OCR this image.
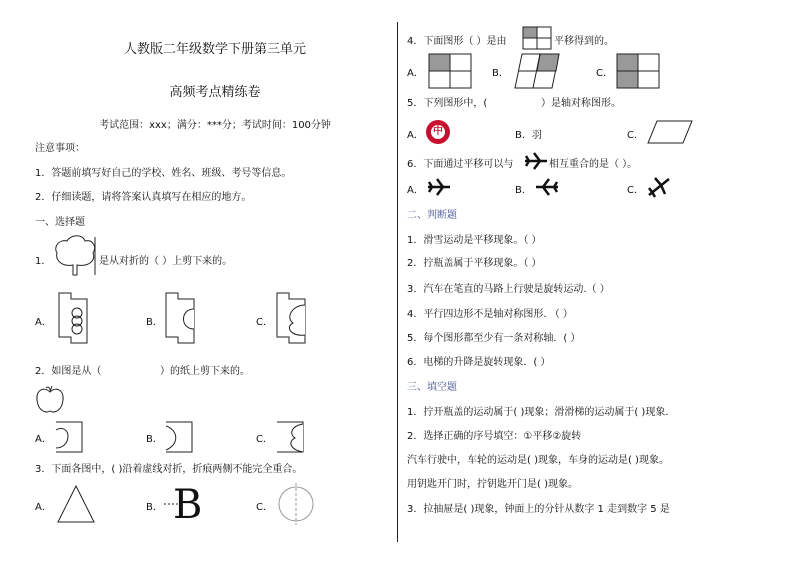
人教版二年级数学下册第三单元
高频考点精练卷
考试范围：xxx；满分：***分；考试时间：100分钟
注意事项：
1．答题前填写好自己的学校、姓名、班级、考号等信息。
2．仔细读题，请将答案认真填写在相应的地方。
一、选择题
1．	是从对折的（ ）上剪下来的。
A．	B．	C．
2．如图是从（	）的纸上剪下来的。
A．	B．	C．
3．下面各图中，( )沿着虚线对折，折痕两侧不能完全重合。
A．	B． B	C．
4．下面图形（ ）是由	平移得到的。
A．	B．	C．
5．下列图形中，(	）是轴对称图形。
A． 中	B．羽	C．
6．下面通过平移可以与	相互重合的是（ ）。
A．	B．	C．
二、判断题
1．滑雪运动是平移现象。（ ）
2．拧瓶盖属于平移现象。（ ）
3．汽车在笔直的马路上行驶是旋转运动.（ ）
4．平行四边形不是轴对称图形. （ ）
5．每个图形都至少有一条对称轴．( ）
6．电梯的升降是旋转现象．( ）
三、填空题
1．拧开瓶盖的运动属于( )现象；滑滑梯的运动属于( )现象．
2．选择正确的序号填空：①平移②旋转
汽车行驶中，车轮的运动是( )现象，车身的运动是( )现象。
用钥匙开门时，拧钥匙开门是( )现象。
3．拉抽屉是( )现象，钟面上的分针从数字 1 走到数字 5 是
